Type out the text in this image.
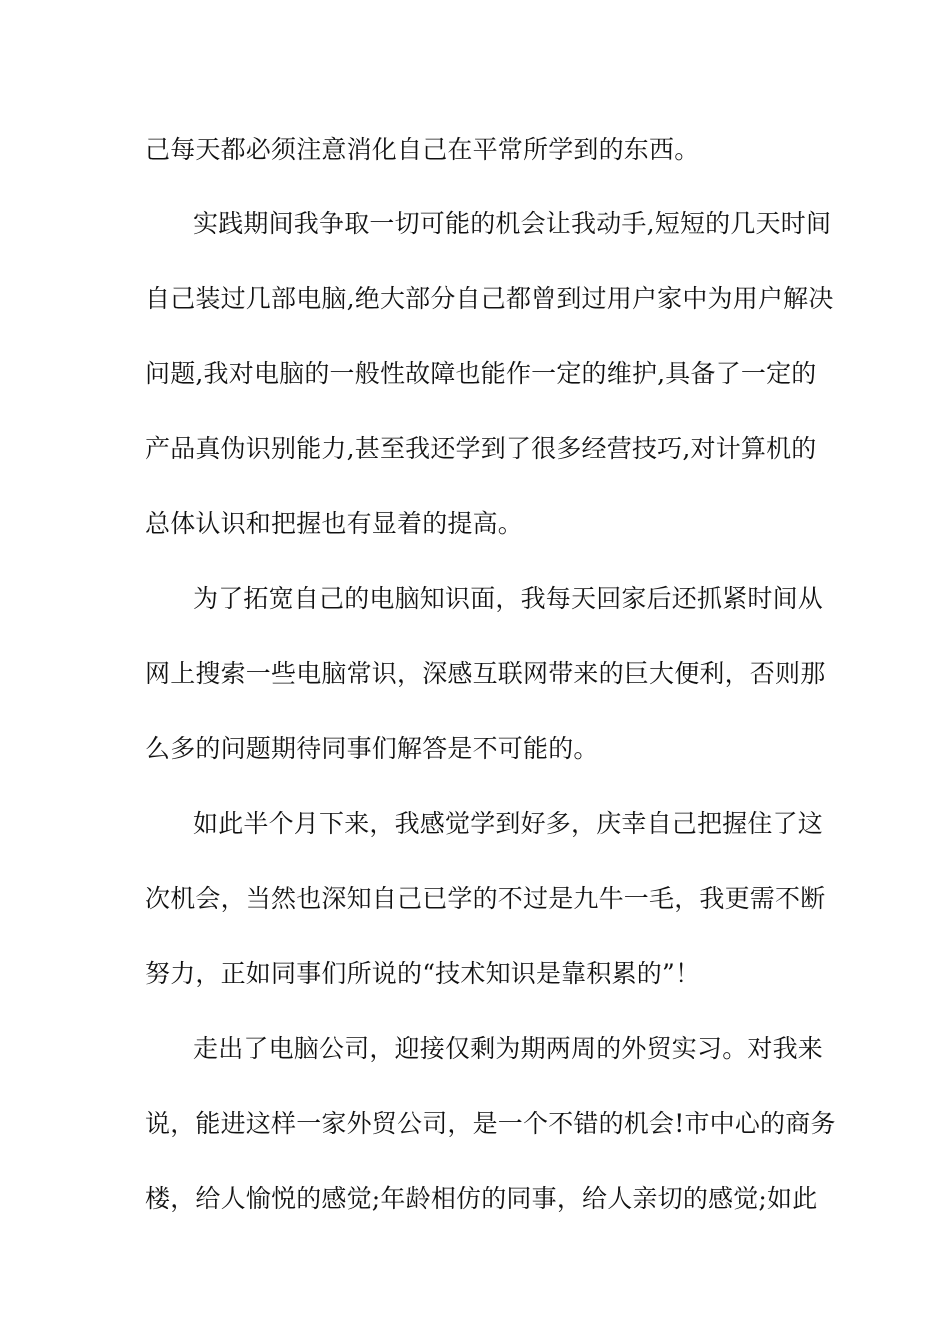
己每天都必须注意消化自己在平常所学到的东西。
实践期间我争取一切可能的机会让我动手,短短的几天时间
自己装过几部电脑,绝大部分自己都曾到过用户家中为用户解决
问题,我对电脑的一般性故障也能作一定的维护,具备了一定的
产品真伪识别能力,甚至我还学到了很多经营技巧,对计算机的
总体认识和把握也有显着的提高。
为了拓宽自己的电脑知识面，我每天回家后还抓紧时间从
网上搜索一些电脑常识，深感互联网带来的巨大便利，否则那
么多的问题期待同事们解答是不可能的。
如此半个月下来，我感觉学到好多，庆幸自己把握住了这
次机会，当然也深知自己已学的不过是九牛一毛，我更需不断
努力，正如同事们所说的“技术知识是靠积累的”！
走出了电脑公司，迎接仅剩为期两周的外贸实习。对我来
说，能进这样一家外贸公司，是一个不错的机会!市中心的商务
楼，给人愉悦的感觉;年龄相仿的同事，给人亲切的感觉;如此
